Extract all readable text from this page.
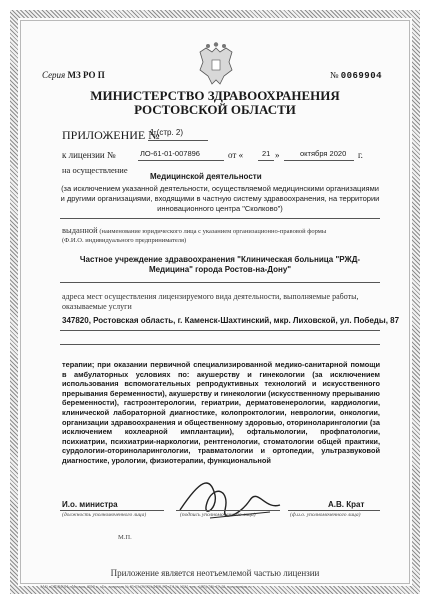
Серия МЗ РО П	№ 0069904
МИНИСТЕРСТВО ЗДРАВООХРАНЕНИЯ
РОСТОВСКОЙ ОБЛАСТИ
ПРИЛОЖЕНИЕ №
1 (стр. 2)
к лицензии №	ЛО-61-01-007896	от «	21 »	октября 2020 г.
на осуществление
Медицинской деятельности
(за исключением указанной деятельности, осуществляемой медицинскими организациями и другими организациями, входящими в частную систему здравоохранения, на территории инновационного центра "Сколково")
выданной (наименование юридического лица с указанием организационно-правовой формы
(Ф.И.О. индивидуального предпринимателя)
Частное учреждение здравоохранения "Клиническая больница "РЖД-Медицина" города Ростов-на-Дону"
адреса мест осуществления лицензируемого вида деятельности, выполняемые работы, оказываемые услуги
347820, Ростовская область, г. Каменск-Шахтинский, мкр. Лиховской, ул. Победы, 87
терапии; при оказании первичной специализированной медико-санитарной помощи в амбулаторных условиях по: акушерству и гинекологии (за исключением использования вспомогательных репродуктивных технологий и искусственного прерывания беременности), акушерству и гинекологии (искусственному прерыванию беременности), гастроэнтерологии, гериатрии, дерматовенерологии, кардиологии, клинической лабораторной диагностике, колопроктологии, неврологии, онкологии, организации здравоохранения и общественному здоровью, оториноларингологии (за исключением кохлеарной имплантации), офтальмологии, профпатологии, психиатрии, психиатрии-наркологии, рентгенологии, стоматологии общей практики, сурдологии-оториноларингологии, травматологии и ортопедии, ультразвуковой диагностике, урологии, физиотерапии, функциональной
И.о. министра
(должность уполномоченного лица)	(подпись уполномоченного лица)
А.В. Крат
(ф.и.о. уполномоченного лица)
М.П.
Приложение является неотъемлемой частью лицензии
ЗАО «ОПЦИОН», Москва, 2019 г., «Б», лицензия № 05-05-09/003 ФНС РФ, ТЗ № 1024, тел.: (495) 726-47-42, www.opcion.ru
